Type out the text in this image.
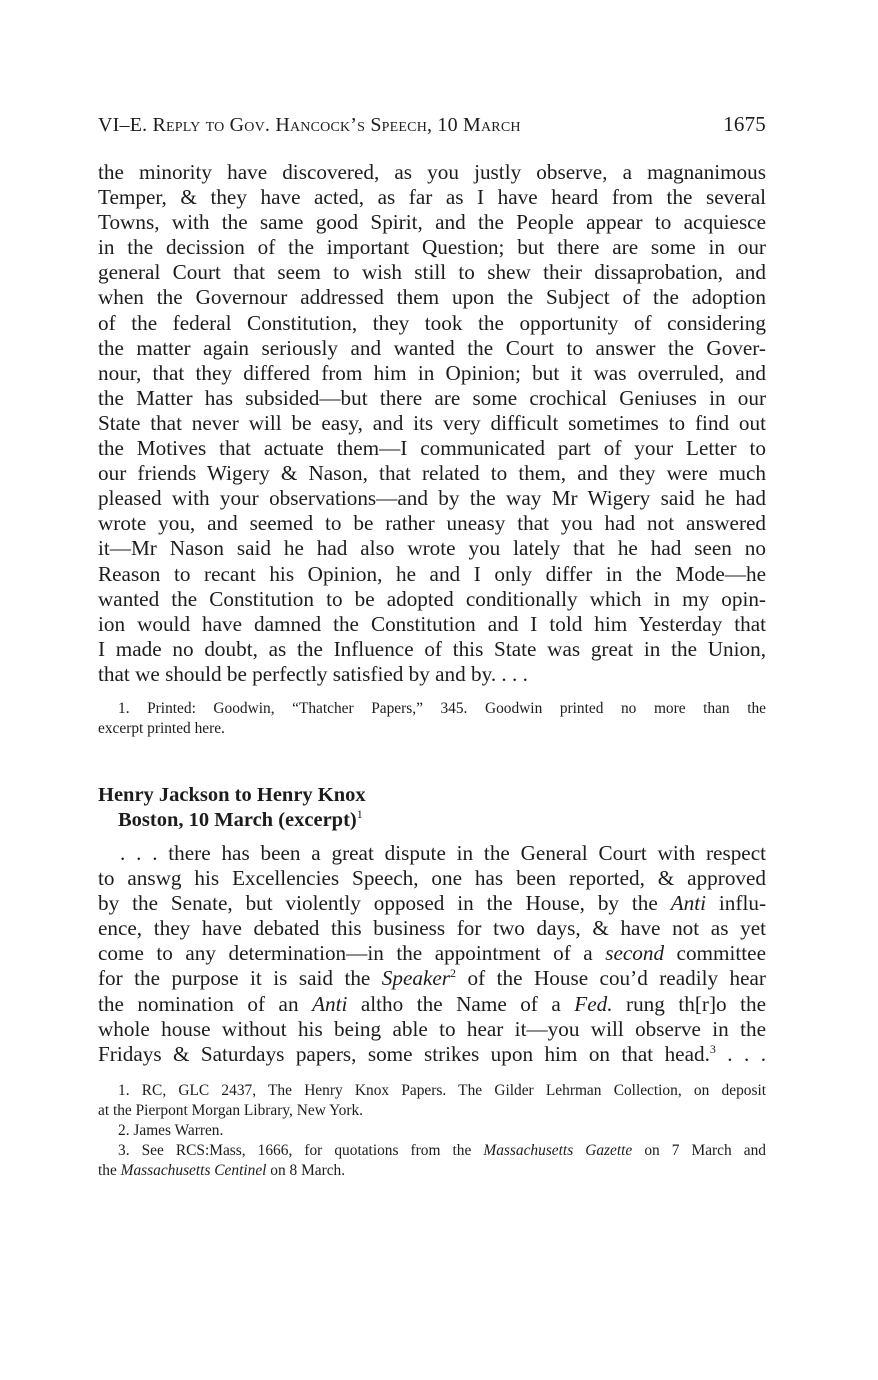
VI–E. Reply to Gov. Hancock’s Speech, 10 March	1675
the minority have discovered, as you justly observe, a magnanimous
Temper, & they have acted, as far as I have heard from the several
Towns, with the same good Spirit, and the People appear to acquiesce
in the decission of the important Question; but there are some in our
general Court that seem to wish still to shew their dissaprobation, and
when the Governour addressed them upon the Subject of the adoption
of the federal Constitution, they took the opportunity of considering
the matter again seriously and wanted the Court to answer the Gover-
nour, that they differed from him in Opinion; but it was overruled, and
the Matter has subsided—but there are some crochical Geniuses in our
State that never will be easy, and its very difficult sometimes to find out
the Motives that actuate them—I communicated part of your Letter to
our friends Wigery & Nason, that related to them, and they were much
pleased with your observations—and by the way Mr Wigery said he had
wrote you, and seemed to be rather uneasy that you had not answered
it—Mr Nason said he had also wrote you lately that he had seen no
Reason to recant his Opinion, he and I only differ in the Mode—he
wanted the Constitution to be adopted conditionally which in my opin-
ion would have damned the Constitution and I told him Yesterday that
I made no doubt, as the Influence of this State was great in the Union,
that we should be perfectly satisfied by and by. . . .
1. Printed: Goodwin, “Thatcher Papers,” 345. Goodwin printed no more than the
excerpt printed here.
Henry Jackson to Henry Knox
Boston, 10 March (excerpt)$^1$
. . . there has been a great dispute in the General Court with respect
to answg his Excellencies Speech, one has been reported, & approved
by the Senate, but violently opposed in the House, by the Anti influ-
ence, they have debated this business for two days, & have not as yet
come to any determination—in the appointment of a second committee
for the purpose it is said the Speaker$^2$ of the House cou’d readily hear
the nomination of an Anti altho the Name of a Fed. rung th[r]o the
whole house without his being able to hear it—you will observe in the
Fridays & Saturdays papers, some strikes upon him on that head.$^3$ . . .
1. RC, GLC 2437, The Henry Knox Papers. The Gilder Lehrman Collection, on deposit
at the Pierpont Morgan Library, New York.
2. James Warren.
3. See RCS:Mass, 1666, for quotations from the Massachusetts Gazette on 7 March and
the Massachusetts Centinel on 8 March.
